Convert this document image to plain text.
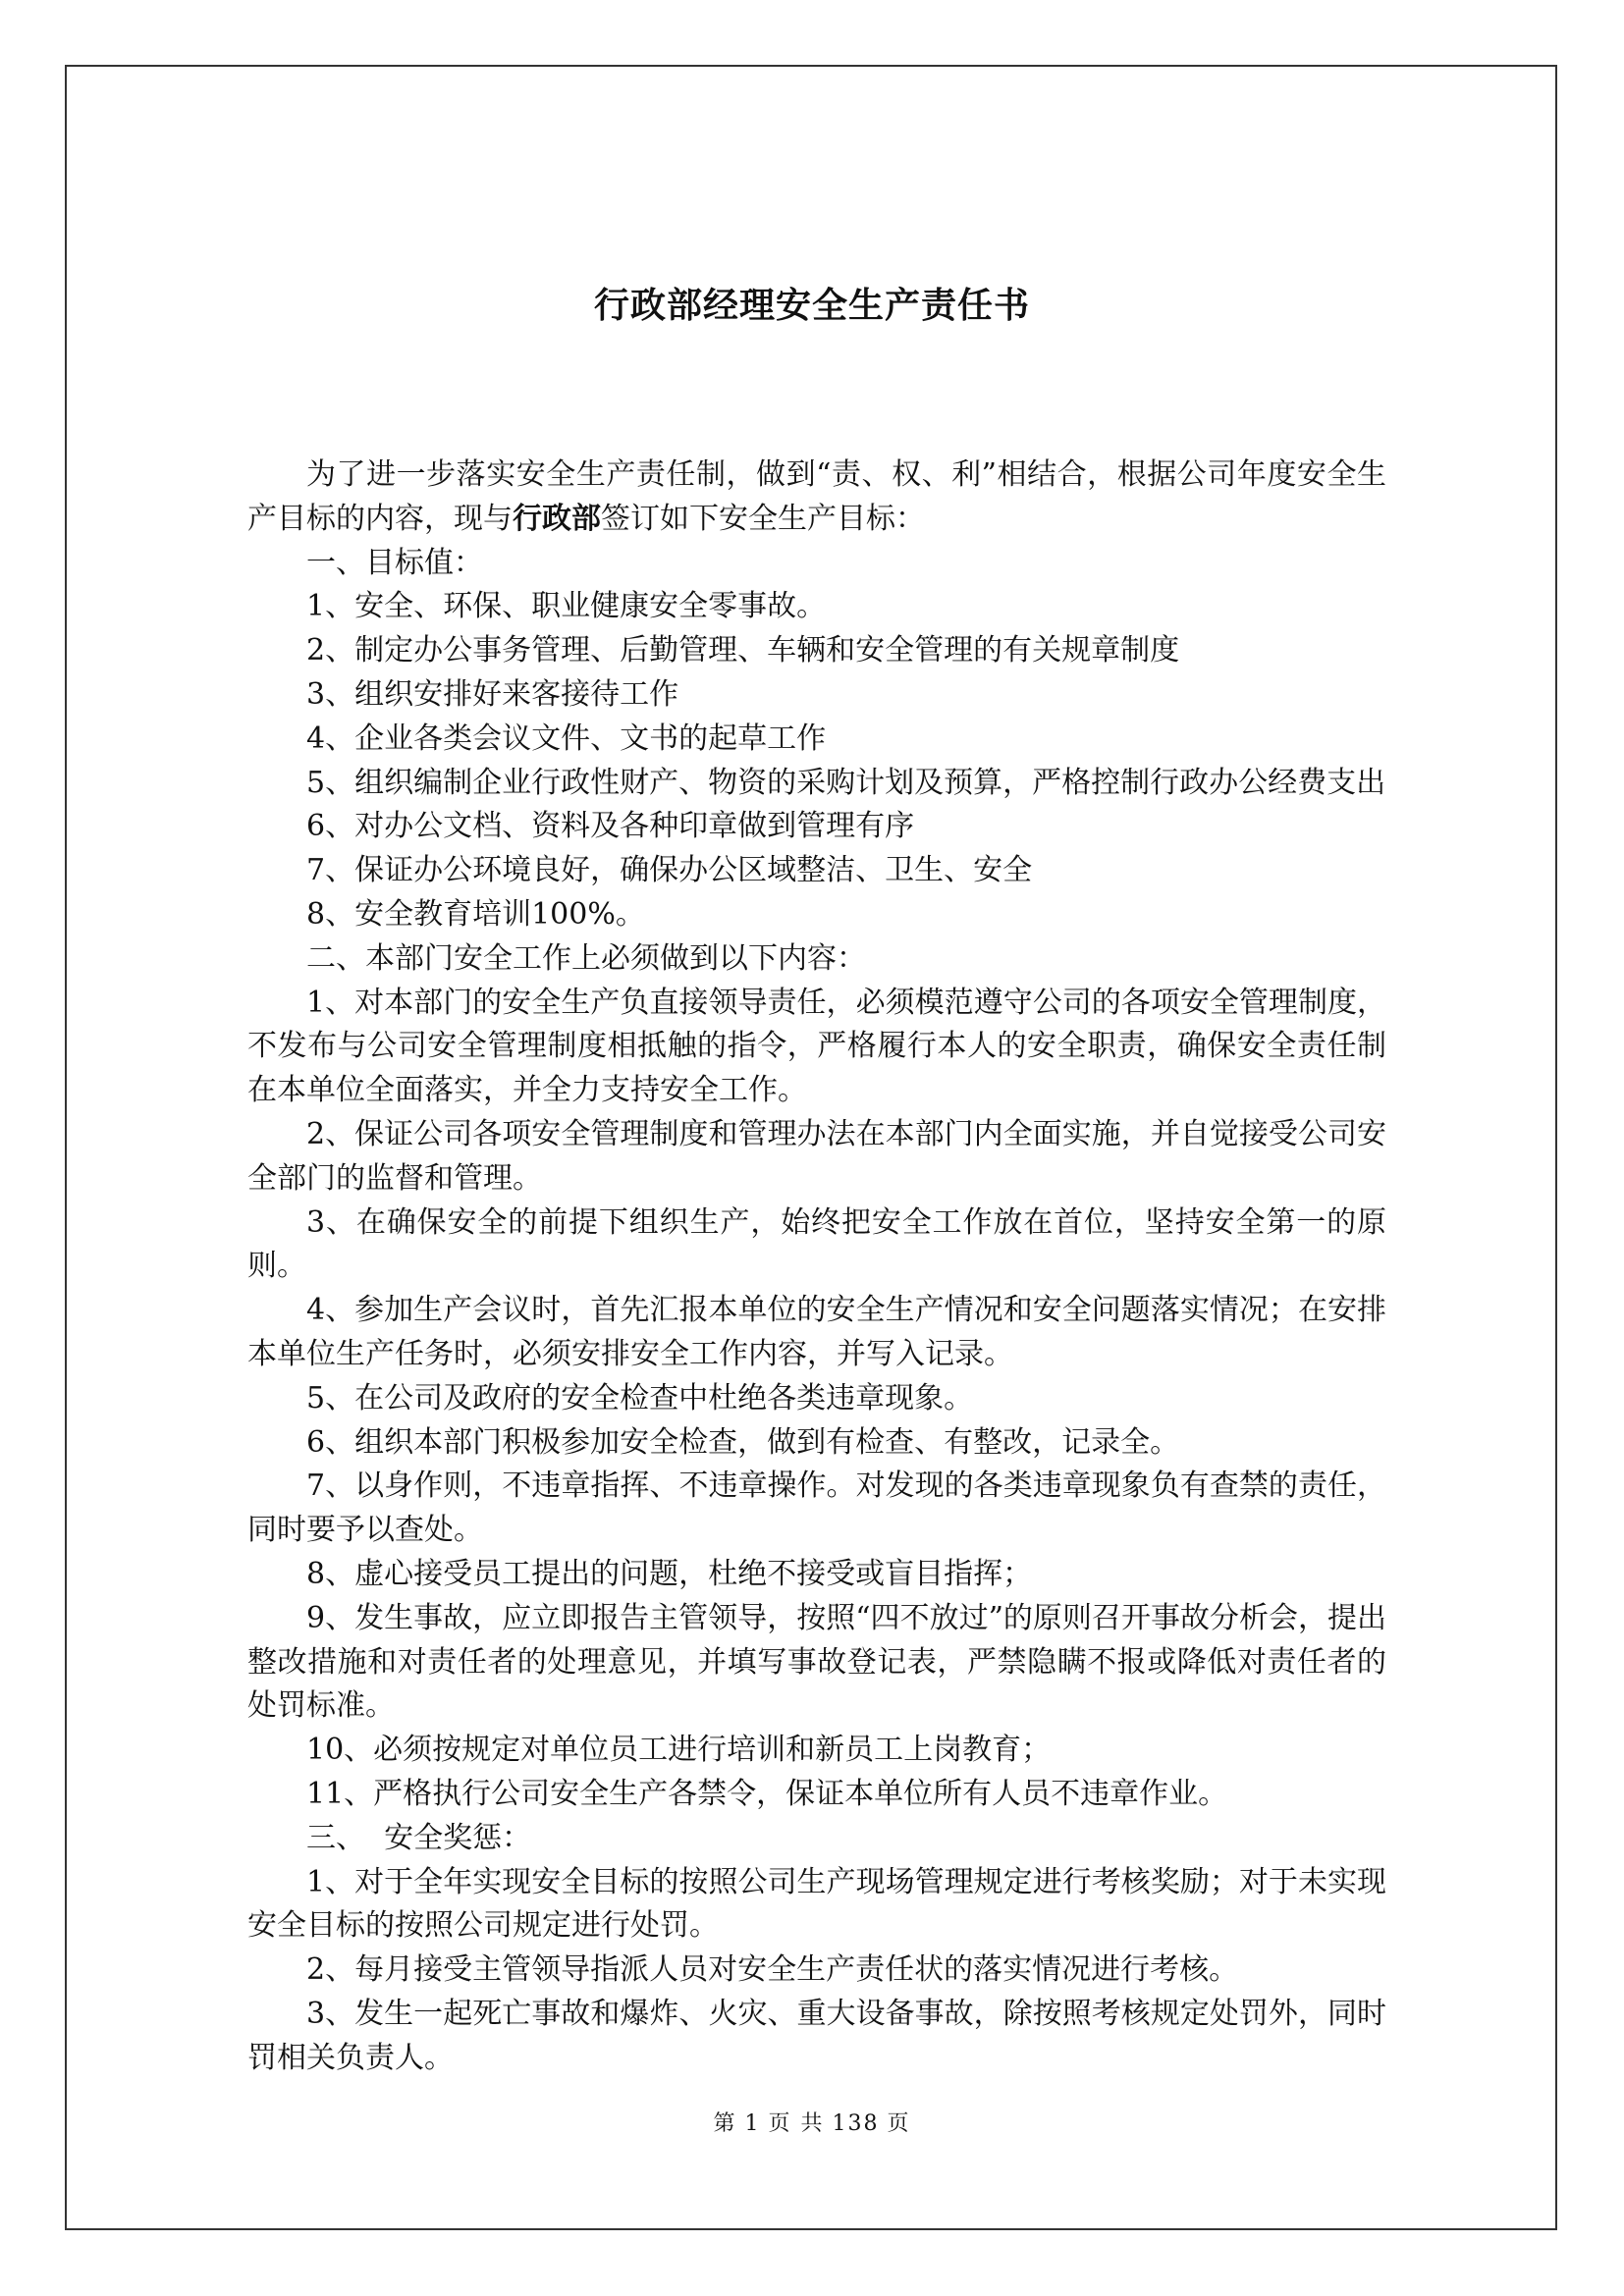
行政部经理安全生产责任书

为了进一步落实安全生产责任制，做到“责、权、利”相结合，根据公司年度安全生产目标的内容，现与行政部签订如下安全生产目标：

一、目标值：

1、安全、环保、职业健康安全零事故。

2、制定办公事务管理、后勤管理、车辆和安全管理的有关规章制度

3、组织安排好来客接待工作

4、企业各类会议文件、文书的起草工作

5、组织编制企业行政性财产、物资的采购计划及预算，严格控制行政办公经费支出

6、对办公文档、资料及各种印章做到管理有序

7、保证办公环境良好，确保办公区域整洁、卫生、安全

8、安全教育培训100%。

二、本部门安全工作上必须做到以下内容：

1、对本部门的安全生产负直接领导责任，必须模范遵守公司的各项安全管理制度，不发布与公司安全管理制度相抵触的指令，严格履行本人的安全职责，确保安全责任制在本单位全面落实，并全力支持安全工作。

2、保证公司各项安全管理制度和管理办法在本部门内全面实施，并自觉接受公司安全部门的监督和管理。

3、在确保安全的前提下组织生产，始终把安全工作放在首位，坚持安全第一的原则。

4、参加生产会议时，首先汇报本单位的安全生产情况和安全问题落实情况；在安排本单位生产任务时，必须安排安全工作内容，并写入记录。

5、在公司及政府的安全检查中杜绝各类违章现象。

6、组织本部门积极参加安全检查，做到有检查、有整改，记录全。

7、以身作则，不违章指挥、不违章操作。对发现的各类违章现象负有查禁的责任，同时要予以查处。

8、虚心接受员工提出的问题，杜绝不接受或盲目指挥；

9、发生事故，应立即报告主管领导，按照“四不放过”的原则召开事故分析会，提出整改措施和对责任者的处理意见，并填写事故登记表，严禁隐瞒不报或降低对责任者的处罚标准。

10、必须按规定对单位员工进行培训和新员工上岗教育；

11、严格执行公司安全生产各禁令，保证本单位所有人员不违章作业。

三、  安全奖惩：

1、对于全年实现安全目标的按照公司生产现场管理规定进行考核奖励；对于未实现安全目标的按照公司规定进行处罚。

2、每月接受主管领导指派人员对安全生产责任状的落实情况进行考核。

3、发生一起死亡事故和爆炸、火灾、重大设备事故，除按照考核规定处罚外，同时罚相关负责人。

第 1 页 共 138 页
